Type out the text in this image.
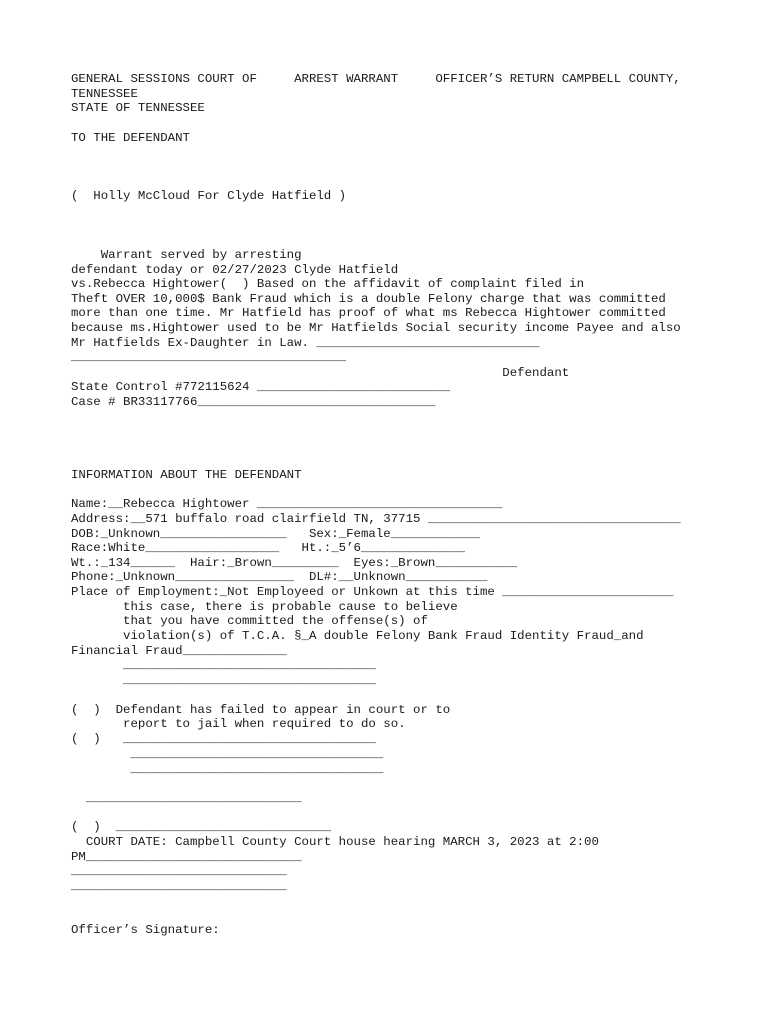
GENERAL SESSIONS COURT OF     ARREST WARRANT     OFFICER’S RETURN CAMPBELL COUNTY,
TENNESSEE
STATE OF TENNESSEE
TO THE DEFENDANT
(  Holly McCloud For Clyde Hatfield )
Warrant served by arresting
defendant today or 02/27/2023 Clyde Hatfield
vs.Rebecca Hightower(  ) Based on the affidavit of complaint filed in
Theft OVER 10,000$ Bank Fraud which is a double Felony charge that was committed
more than one time. Mr Hatfield has proof of what ms Rebecca Hightower committed
because ms.Hightower used to be Mr Hatfields Social security income Payee and also
Mr Hatfields Ex-Daughter in Law. ______________________________
_____________________________________
Defendant
State Control #772115624 __________________________
Case # BR33117766________________________________
INFORMATION ABOUT THE DEFENDANT
Name:__Rebecca Hightower _________________________________
Address:__571 buffalo road clairfield TN, 37715 __________________________________
DOB:_Unknown_________________   Sex:_Female____________
Race:White__________________   Ht.:_5’6______________
Wt.:_134______  Hair:_Brown_________  Eyes:_Brown___________
Phone:_Unknown________________  DL#:__Unknown___________
Place of Employment:_Not Employeed or Unkown at this time _______________________
this case, there is probable cause to believe
that you have committed the offense(s) of
violation(s) of T.C.A. §_A double Felony Bank Fraud Identity Fraud_and
Financial Fraud______________
__________________________________
__________________________________
(  )  Defendant has failed to appear in court or to
report to jail when required to do so.
(  )   __________________________________
__________________________________
__________________________________
_____________________________
(  )  _____________________________
COURT DATE: Campbell County Court house hearing MARCH 3, 2023 at 2:00
PM_____________________________
_____________________________
_____________________________
Officer’s Signature:
